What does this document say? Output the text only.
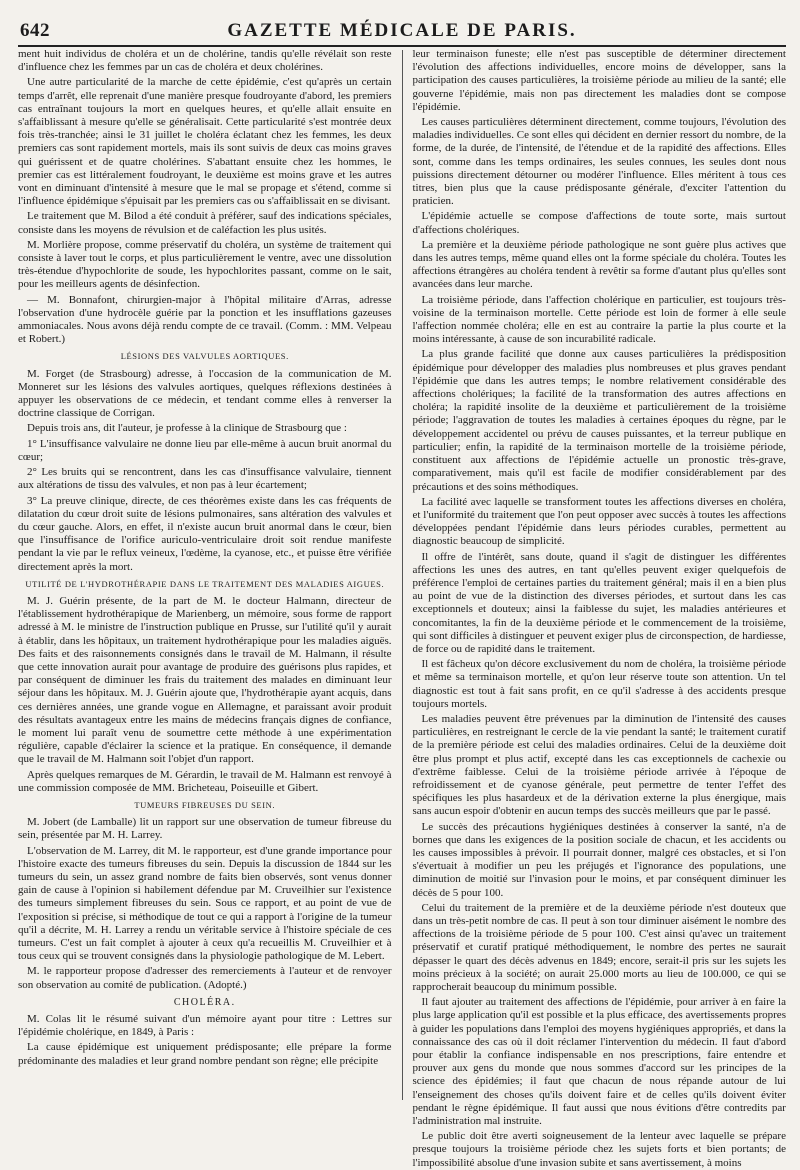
642	GAZETTE MÉDICALE DE PARIS.

ment huit individus de choléra et un de cholérine, tandis qu'elle révélait son reste d'influence chez les femmes par un cas de choléra et deux cholérines.

Une autre particularité de la marche de cette épidémie, c'est qu'après un certain temps d'arrêt, elle reprenait d'une manière presque foudroyante d'abord, les premiers cas entraînant toujours la mort en quelques heures, et qu'elle allait ensuite en s'affaiblissant à mesure qu'elle se généralisait. Cette particularité s'est montrée deux fois très-tranchée; ainsi le 31 juillet le choléra éclatant chez les femmes, les deux premiers cas sont rapidement mortels, mais ils sont suivis de deux cas moins graves qui guérissent et de quatre cholérines. S'abattant ensuite chez les hommes, le premier cas est littéralement foudroyant, le deuxième est moins grave et les autres vont en diminuant d'intensité à mesure que le mal se propage et s'étend, comme si l'influence épidémique s'épuisait par les premiers cas ou s'affaiblissait en se divisant.

Le traitement que M. Bilod a été conduit à préférer, sauf des indications spéciales, consiste dans les moyens de révulsion et de caléfaction les plus usités.

M. Morlière propose, comme préservatif du choléra, un système de traitement qui consiste à laver tout le corps, et plus particulièrement le ventre, avec une dissolution très-étendue d'hypochlorite de soude, les hypochlorites passant, comme on le sait, pour les meilleurs agents de désinfection.

— M. Bonnafont, chirurgien-major à l'hôpital militaire d'Arras, adresse l'observation d'une hydrocèle guérie par la ponction et les insufflations gazeuses ammoniacales. Nous avons déjà rendu compte de ce travail. (Comm. : MM. Velpeau et Robert.)

LÉSIONS DES VALVULES AORTIQUES.

M. Forget (de Strasbourg) adresse, à l'occasion de la communication de M. Monneret sur les lésions des valvules aortiques, quelques réflexions destinées à appuyer les observations de ce médecin, et tendant comme elles à renverser la doctrine classique de Corrigan.

Depuis trois ans, dit l'auteur, je professe à la clinique de Strasbourg que :

1° L'insuffisance valvulaire ne donne lieu par elle-même à aucun bruit anormal du cœur;

2° Les bruits qui se rencontrent, dans les cas d'insuffisance valvulaire, tiennent aux altérations de tissu des valvules, et non pas à leur écartement;

3° La preuve clinique, directe, de ces théorèmes existe dans les cas fréquents de dilatation du cœur droit suite de lésions pulmonaires, sans altération des valvules et du cœur gauche. Alors, en effet, il n'existe aucun bruit anormal dans le cœur, bien que l'insuffisance de l'orifice auriculo-ventriculaire droit soit rendue manifeste pendant la vie par le reflux veineux, l'œdème, la cyanose, etc., et puisse être vérifiée directement après la mort.

UTILITÉ DE L'HYDROTHÉRAPIE DANS LE TRAITEMENT DES MALADIES AIGUES.

M. J. Guérin présente, de la part de M. le docteur Halmann, directeur de l'établissement hydrothérapique de Marienberg, un mémoire, sous forme de rapport adressé à M. le ministre de l'instruction publique en Prusse, sur l'utilité qu'il y aurait à établir, dans les hôpitaux, un traitement hydrothérapique pour les maladies aiguës. Des faits et des raisonnements consignés dans le travail de M. Halmann, il résulte que cette innovation aurait pour avantage de produire des guérisons plus rapides, et par conséquent de diminuer les frais du traitement des malades en diminuant leur séjour dans les hôpitaux. M. J. Guérin ajoute que, l'hydrothérapie ayant acquis, dans ces dernières années, une grande vogue en Allemagne, et paraissant avoir produit des résultats avantageux entre les mains de médecins français dignes de confiance, le moment lui paraît venu de soumettre cette méthode à une expérimentation régulière, capable d'éclairer la science et la pratique. En conséquence, il demande que le travail de M. Halmann soit l'objet d'un rapport.

Après quelques remarques de M. Gérardin, le travail de M. Halmann est renvoyé à une commission composée de MM. Bricheteau, Poiseuille et Gibert.

TUMEURS FIBREUSES DU SEIN.

M. Jobert (de Lamballe) lit un rapport sur une observation de tumeur fibreuse du sein, présentée par M. H. Larrey.

L'observation de M. Larrey, dit M. le rapporteur, est d'une grande importance pour l'histoire exacte des tumeurs fibreuses du sein. Depuis la discussion de 1844 sur les tumeurs du sein, un assez grand nombre de faits bien observés, sont venus donner gain de cause à l'opinion si habilement défendue par M. Cruveilhier sur l'existence des tumeurs simplement fibreuses du sein. Sous ce rapport, et au point de vue de l'exposition si précise, si méthodique de tout ce qui a rapport à l'origine de la tumeur qu'il a décrite, M. H. Larrey a rendu un véritable service à l'histoire spéciale de ces tumeurs. C'est un fait complet à ajouter à ceux qu'a recueillis M. Cruveilhier et à tous ceux qui se trouvent consignés dans la physiologie pathologique de M. Lebert.

M. le rapporteur propose d'adresser des remerciements à l'auteur et de renvoyer son observation au comité de publication. (Adopté.)

CHOLÉRA.

M. Colas lit le résumé suivant d'un mémoire ayant pour titre : Lettres sur l'épidémie cholérique, en 1849, à Paris :

La cause épidémique est uniquement prédisposante; elle prépare la forme prédominante des maladies et leur grand nombre pendant son règne; elle précipite

leur terminaison funeste; elle n'est pas susceptible de déterminer directement l'évolution des affections individuelles, encore moins de développer, sans la participation des causes particulières, la troisième période au milieu de la santé; elle gouverne l'épidémie, mais non pas directement les maladies dont se compose l'épidémie.

Les causes particulières déterminent directement, comme toujours, l'évolution des maladies individuelles. Ce sont elles qui décident en dernier ressort du nombre, de la forme, de la durée, de l'intensité, de l'étendue et de la rapidité des affections. Elles sont, comme dans les temps ordinaires, les seules connues, les seules dont nous puissions directement détourner ou modérer l'influence. Elles méritent à tous ces titres, bien plus que la cause prédisposante générale, d'exciter l'attention du praticien.

L'épidémie actuelle se compose d'affections de toute sorte, mais surtout d'affections cholériques.

La première et la deuxième période pathologique ne sont guère plus actives que dans les autres temps, même quand elles ont la forme spéciale du choléra. Toutes les affections étrangères au choléra tendent à revêtir sa forme d'autant plus qu'elles sont avancées dans leur marche.

La troisième période, dans l'affection cholérique en particulier, est toujours très-voisine de la terminaison mortelle. Cette période est loin de former à elle seule l'affection nommée choléra; elle en est au contraire la partie la plus courte et la moins intéressante, à cause de son incurabilité radicale.

La plus grande facilité que donne aux causes particulières la prédisposition épidémique pour développer des maladies plus nombreuses et plus graves pendant l'épidémie que dans les autres temps; le nombre relativement considérable des affections cholériques; la facilité de la transformation des autres affections en choléra; la rapidité insolite de la deuxième et particulièrement de la troisième période; l'aggravation de toutes les maladies à certaines époques du règne, par le développement accidentel ou prévu de causes puissantes, et la terreur publique en particulier; enfin, la rapidité de la terminaison mortelle de la troisième période, constituent aux affections de l'épidémie actuelle un pronostic très-grave, comparativement, mais qu'il est facile de modifier considérablement par des précautions et des soins méthodiques.

La facilité avec laquelle se transforment toutes les affections diverses en choléra, et l'uniformité du traitement que l'on peut opposer avec succès à toutes les affections développées pendant l'épidémie dans leurs périodes curables, permettent au diagnostic beaucoup de simplicité.

Il offre de l'intérêt, sans doute, quand il s'agit de distinguer les différentes affections les unes des autres, en tant qu'elles peuvent exiger quelquefois de préférence l'emploi de certaines parties du traitement général; mais il en a bien plus au point de vue de la distinction des diverses périodes, et surtout dans les cas exceptionnels et douteux; ainsi la faiblesse du sujet, les maladies antérieures et concomitantes, la fin de la deuxième période et le commencement de la troisième, qui sont difficiles à distinguer et peuvent exiger plus de circonspection, de hardiesse, de force ou de rapidité dans le traitement.

Il est fâcheux qu'on décore exclusivement du nom de choléra, la troisième période et même sa terminaison mortelle, et qu'on leur réserve toute son attention. Un tel diagnostic est tout à fait sans profit, en ce qu'il s'adresse à des accidents presque toujours mortels.

Les maladies peuvent être prévenues par la diminution de l'intensité des causes particulières, en restreignant le cercle de la vie pendant la santé; le traitement curatif de la première période est celui des maladies ordinaires. Celui de la deuxième doit être plus prompt et plus actif, excepté dans les cas exceptionnels de cachexie ou d'extrême faiblesse. Celui de la troisième période arrivée à l'époque de refroidissement et de cyanose générale, peut permettre de tenter l'effet des spécifiques les plus hasardeux et de la dérivation externe la plus énergique, mais sans aucun espoir d'obtenir en aucun temps des succès meilleurs que par le passé.

Le succès des précautions hygiéniques destinées à conserver la santé, n'a de bornes que dans les exigences de la position sociale de chacun, et les accidents ou les causes impossibles à prévoir. Il pourrait donner, malgré ces obstacles, et si l'on s'évertuait à modifier un peu les préjugés et l'ignorance des populations, une diminution de moitié sur l'invasion pour le moins, et par conséquent diminuer les décès de 5 pour 100.

Celui du traitement de la première et de la deuxième période n'est douteux que dans un très-petit nombre de cas. Il peut à son tour diminuer aisément le nombre des affections de la troisième période de 5 pour 100. C'est ainsi qu'avec un traitement préservatif et curatif pratiqué méthodiquement, le nombre des pertes ne saurait dépasser le quart des décès advenus en 1849; encore, serait-il pris sur les sujets les moins précieux à la société; on aurait 25.000 morts au lieu de 100.000, ce qui se rapprocherait beaucoup du minimum possible.

Il faut ajouter au traitement des affections de l'épidémie, pour arriver à en faire la plus large application qu'il est possible et la plus efficace, des avertissements propres à guider les populations dans l'emploi des moyens hygiéniques appropriés, et dans la connaissance des cas où il doit réclamer l'intervention du médecin. Il faut d'abord pour établir la confiance indispensable en nos prescriptions, faire entendre et prouver aux gens du monde que nous sommes d'accord sur les principes de la science des épidémies; il faut que chacun de nous répande autour de lui l'enseignement des choses qu'ils doivent faire et de celles qu'ils doivent éviter pendant le règne épidémique. Il faut aussi que nous évitions d'être contredits par l'administration mal instruite.

Le public doit être averti soigneusement de la lenteur avec laquelle se prépare presque toujours la troisième période chez les sujets forts et bien portants; de l'impossibilité absolue d'une invasion subite et sans avertissement, à moins
